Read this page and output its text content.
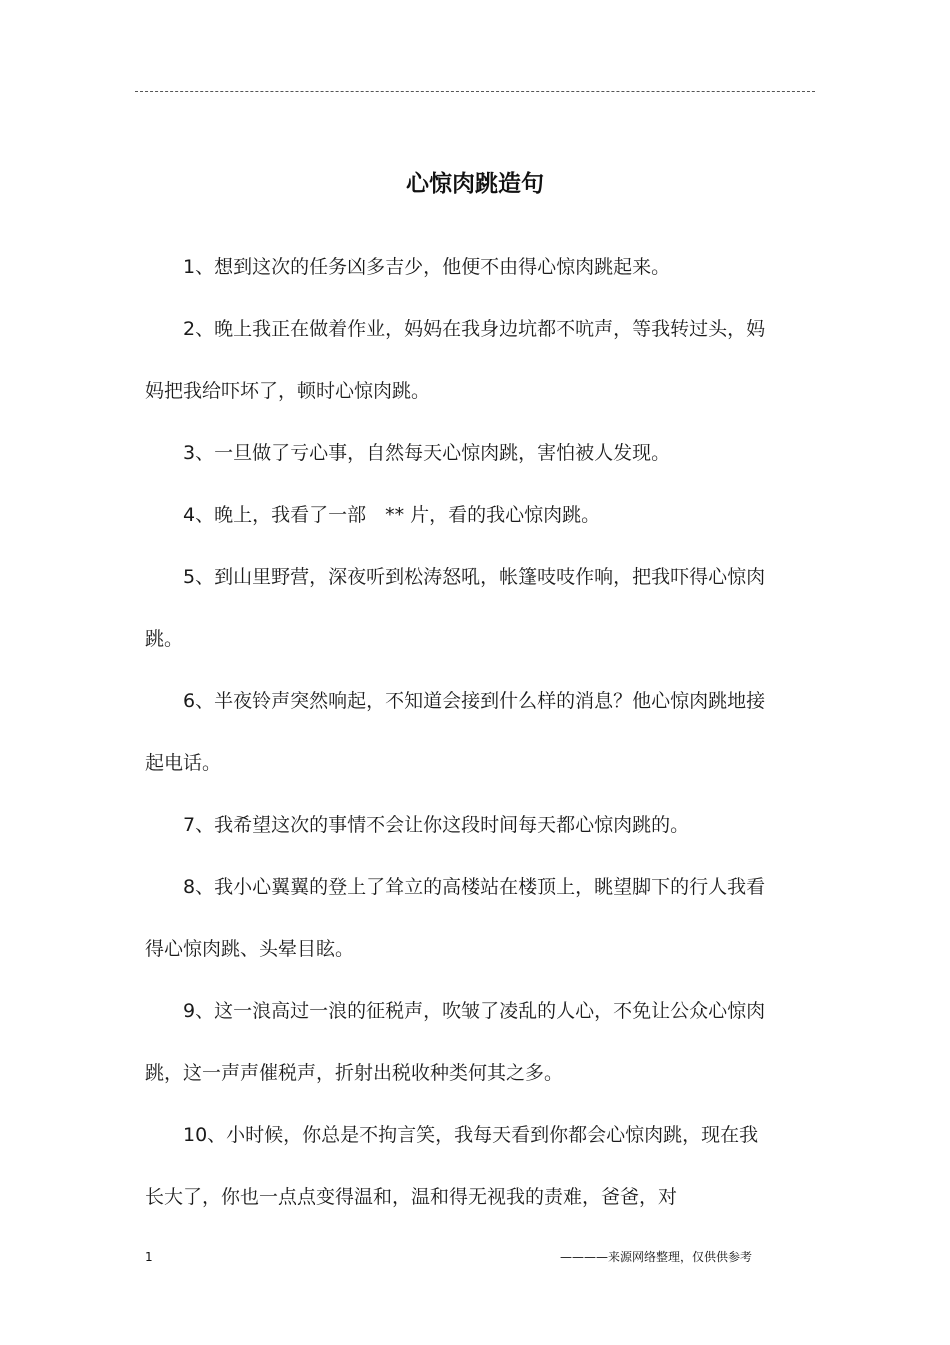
心惊肉跳造句

1、想到这次的任务凶多吉少，他便不由得心惊肉跳起来。

2、晚上我正在做着作业，妈妈在我身边坑都不吭声，等我转过头，妈妈把我给吓坏了，顿时心惊肉跳。

3、一旦做了亏心事，自然每天心惊肉跳，害怕被人发现。

4、晚上，我看了一部　** 片，看的我心惊肉跳。

5、到山里野营，深夜听到松涛怒吼，帐篷吱吱作响，把我吓得心惊肉跳。

6、半夜铃声突然响起，不知道会接到什么样的消息？他心惊肉跳地接起电话。

7、我希望这次的事情不会让你这段时间每天都心惊肉跳的。

8、我小心翼翼的登上了耸立的高楼站在楼顶上，眺望脚下的行人我看得心惊肉跳、头晕目眩。

9、这一浪高过一浪的征税声，吹皱了凌乱的人心，不免让公众心惊肉跳，这一声声催税声，折射出税收种类何其之多。

10、小时候，你总是不拘言笑，我每天看到你都会心惊肉跳，现在我长大了，你也一点点变得温和，温和得无视我的责难，爸爸，对

1	————来源网络整理，仅供供参考
